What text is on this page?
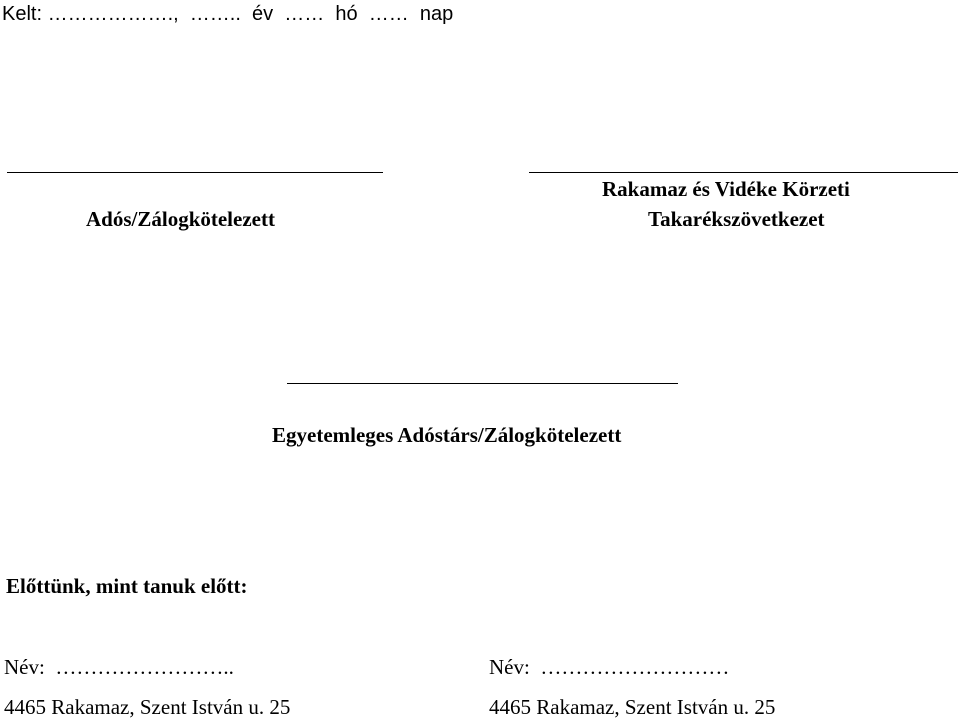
Kelt: ……………….,  ……..  év  ……  hó  ……  nap
Adós/Zálogkötelezett
Rakamaz és Vidéke Körzeti
Takarékszövetkezet
Egyetemleges Adóstárs/Zálogkötelezett
Előttünk, mint tanuk előtt:
Név:  ……………………..
4465 Rakamaz, Szent István u. 25
Név:  ………………………
4465 Rakamaz, Szent István u. 25
